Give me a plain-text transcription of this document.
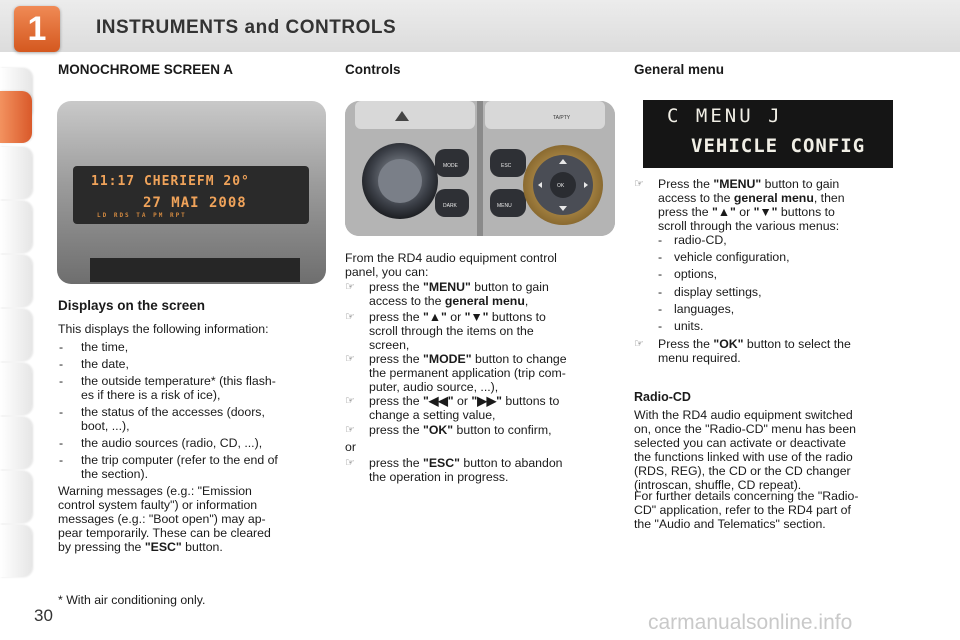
1	INSTRUMENTS and CONTROLS
MONOCHROME SCREEN A
11:17 CHERIEFM 20°
27 MAI 2008
LD RDS TA PM RPT
Displays on the screen
This displays the following information:
- the time,
- the date,
- the outside temperature* (this flash-
es if there is a risk of ice),
- the status of the accesses (doors,
boot, ...),
- the audio sources (radio, CD, ...),
- the trip computer (refer to the end of
the section).
Warning messages (e.g.: "Emission
control system faulty") or information
messages (e.g.: "Boot open") may ap-
pear temporarily. These can be cleared
by pressing the "ESC" button.
* With air conditioning only.
30
Controls
TA/PTY
MODE
DARK
ESC
MENU
OK
From the RD4 audio equipment control
panel, you can:
☞ press the "MENU" button to gain
access to the general menu,
☞ press the "▲" or "▼" buttons to
scroll through the items on the
screen,
☞ press the "MODE" button to change
the permanent application (trip com-
puter, audio source, ...),
☞ press the "◀◀" or "▶▶" buttons to
change a setting value,
☞ press the "OK" button to confirm,
or
☞ press the "ESC" button to abandon
the operation in progress.
General menu
C MENU J
VEHICLE CONFIG
☞ Press the "MENU" button to gain
access to the general menu, then
press the "▲" or "▼" buttons to
scroll through the various menus:
- radio-CD,
- vehicle configuration,
- options,
- display settings,
- languages,
- units.
☞ Press the "OK" button to select the
menu required.
Radio-CD
With the RD4 audio equipment switched
on, once the "Radio-CD" menu has been
selected you can activate or deactivate
the functions linked with use of the radio
(RDS, REG), the CD or the CD changer
(introscan, shuffle, CD repeat).
For further details concerning the "Radio-
CD" application, refer to the RD4 part of
the "Audio and Telematics" section.
carmanualsonline.info
